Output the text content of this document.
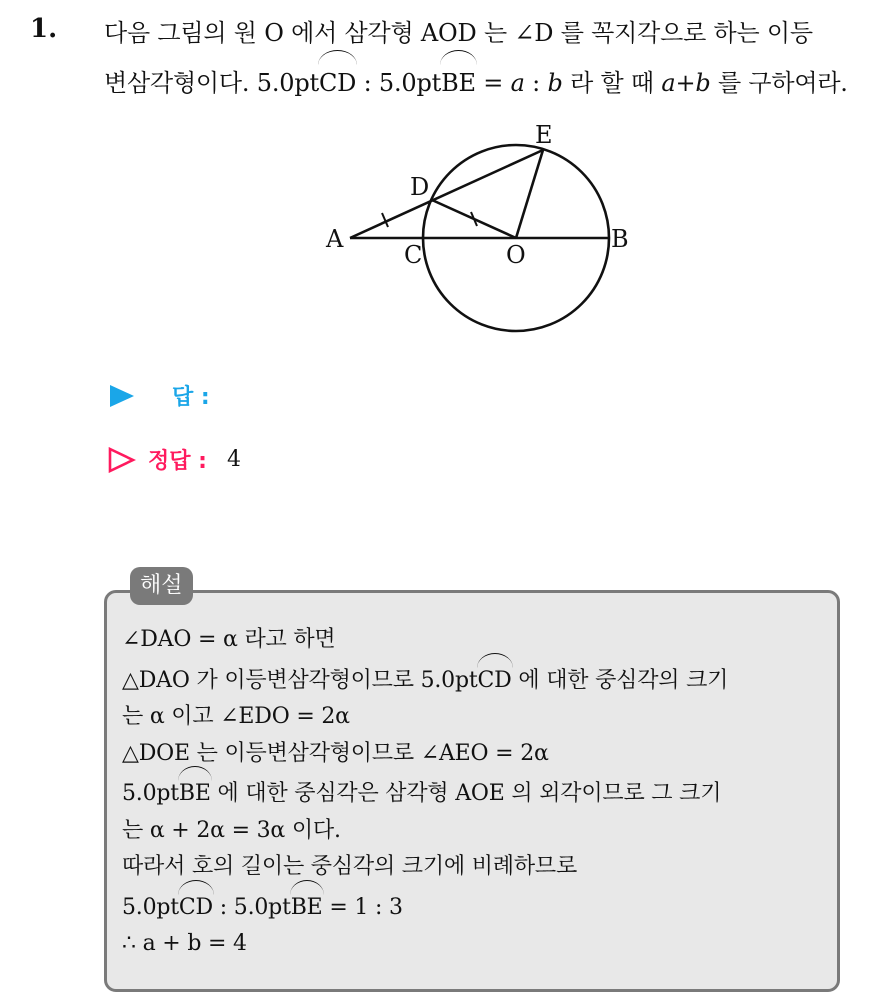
1. 다음 그림의 원 O 에서 삼각형 AOD 는 ∠D 를 꼭지각으로 하는 이등
변삼각형이다. 5.0ptCD : 5.0ptBE = a : b 라 할 때 a+b 를 구하여라.
A	B
C
D
E
O
답 :
정답 : 4
해설
∠DAO = α 라고 하면
△DAO 가 이등변삼각형이므로 5.0ptCD 에 대한 중심각의 크기
는 α 이고 ∠EDO = 2α
△DOE 는 이등변삼각형이므로 ∠AEO = 2α
5.0ptBE 에 대한 중심각은 삼각형 AOE 의 외각이므로 그 크기
는 α + 2α = 3α 이다.
따라서 호의 길이는 중심각의 크기에 비례하므로
5.0ptCD : 5.0ptBE = 1 : 3
∴ a + b = 4
